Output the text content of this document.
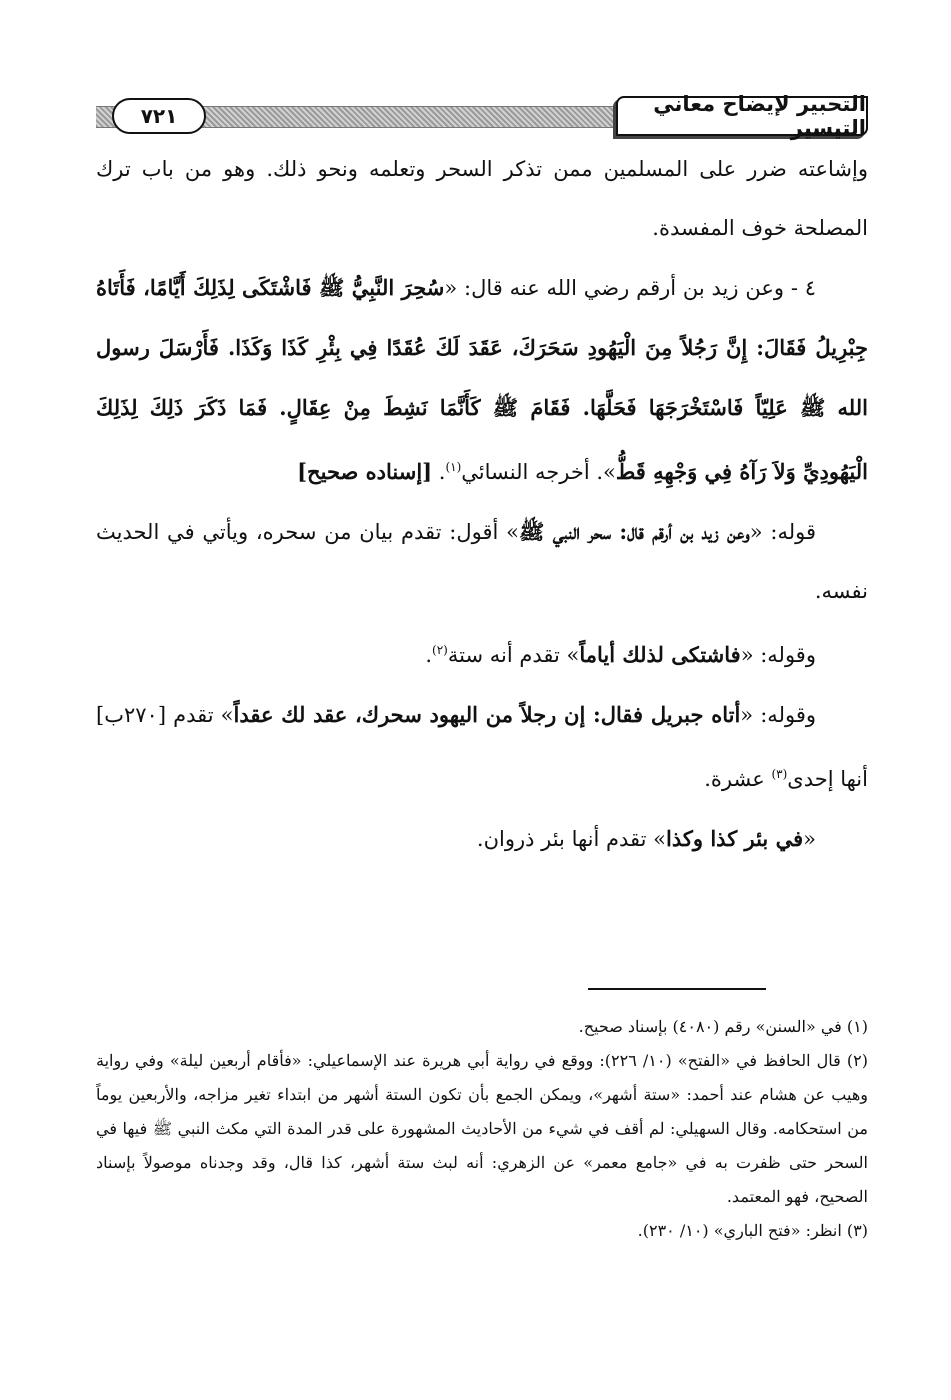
التحبير لإيضاح معاني التيسير
٧٢١

وإشاعته ضرر على المسلمين ممن تذكر السحر وتعلمه ونحو ذلك. وهو من باب ترك المصلحة خوف المفسدة.

٤ - وعن زيد بن أرقم رضي الله عنه قال: «سُحِرَ النَّبِيُّ ﷺ فَاشْتَكَى لِذَلِكَ أَيَّامًا، فَأَتَاهُ جِبْرِيلُ فَقَالَ: إِنَّ رَجُلاً مِنَ الْيَهُودِ سَحَرَكَ، عَقَدَ لَكَ عُقَدًا فِي بِئْرِ كَذَا وَكَذَا. فَأَرْسَلَ رسول الله ﷺ عَلِيّاً فَاسْتَخْرَجَهَا فَحَلَّهَا. فَقَامَ ﷺ كَأَنَّمَا نَشِطَ مِنْ عِقَالٍ. فَمَا ذَكَرَ ذَلِكَ لِذَلِكَ الْيَهُودِيِّ وَلاَ رَآهُ فِي وَجْهِهِ قَطُّ». أخرجه النسائي$^{(١)}$. [إسناده صحيح]

قوله: «وعن زيد بن أرقم قال: سحر النبي ﷺ» أقول: تقدم بيان من سحره، ويأتي في الحديث نفسه.

وقوله: «فاشتكى لذلك أياماً» تقدم أنه ستة$^{(٢)}$.

وقوله: «أتاه جبريل فقال: إن رجلاً من اليهود سحرك، عقد لك عقداً» تقدم [٢٧٠ب] أنها إحدى$^{(٣)}$ عشرة.

«في بئر كذا وكذا» تقدم أنها بئر ذروان.

(١) في «السنن» رقم (٤٠٨٠) بإسناد صحيح.

(٢) قال الحافظ في «الفتح» (١٠/ ٢٢٦): ووقع في رواية أبي هريرة عند الإسماعيلي: «فأقام أربعين ليلة» وفي رواية وهيب عن هشام عند أحمد: «ستة أشهر»، ويمكن الجمع بأن تكون الستة أشهر من ابتداء تغير مزاجه، والأربعين يوماً من استحكامه. وقال السهيلي: لم أقف في شيء من الأحاديث المشهورة على قدر المدة التي مكث النبي ﷺ فيها في السحر حتى ظفرت به في «جامع معمر» عن الزهري: أنه لبث ستة أشهر، كذا قال، وقد وجدناه موصولاً بإسناد الصحيح، فهو المعتمد.

(٣) انظر: «فتح الباري» (١٠/ ٢٣٠).
